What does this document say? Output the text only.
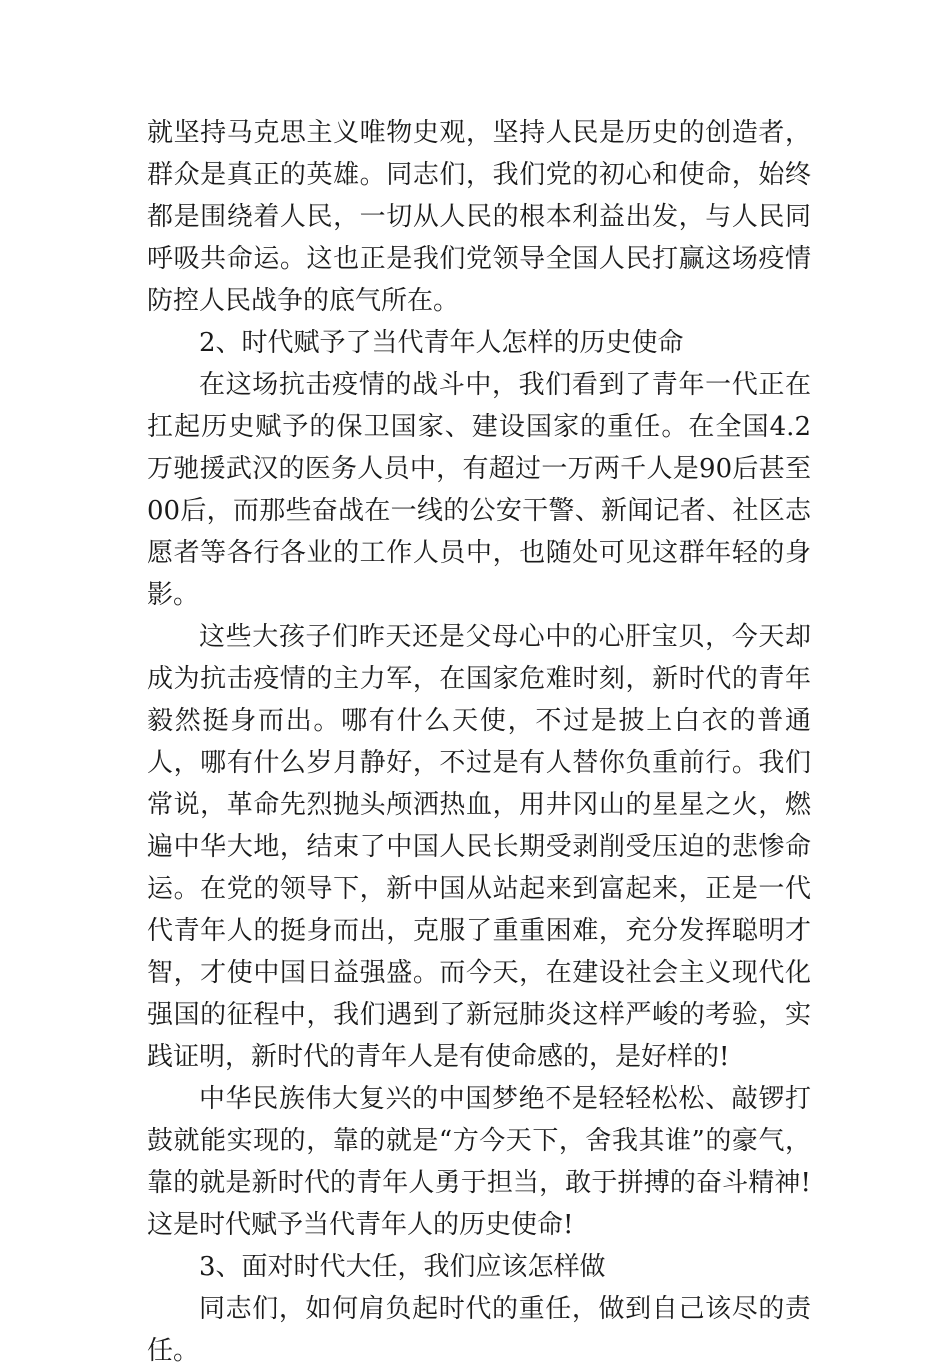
就坚持马克思主义唯物史观，坚持人民是历史的创造者，群众是真正的英雄。同志们，我们党的初心和使命，始终都是围绕着人民，一切从人民的根本利益出发，与人民同呼吸共命运。这也正是我们党领导全国人民打赢这场疫情防控人民战争的底气所在。

2、时代赋予了当代青年人怎样的历史使命

在这场抗击疫情的战斗中，我们看到了青年一代正在扛起历史赋予的保卫国家、建设国家的重任。在全国4.2万驰援武汉的医务人员中，有超过一万两千人是90后甚至00后，而那些奋战在一线的公安干警、新闻记者、社区志愿者等各行各业的工作人员中，也随处可见这群年轻的身影。

这些大孩子们昨天还是父母心中的心肝宝贝，今天却成为抗击疫情的主力军，在国家危难时刻，新时代的青年毅然挺身而出。哪有什么天使，不过是披上白衣的普通人，哪有什么岁月静好，不过是有人替你负重前行。我们常说，革命先烈抛头颅洒热血，用井冈山的星星之火，燃遍中华大地，结束了中国人民长期受剥削受压迫的悲惨命运。在党的领导下，新中国从站起来到富起来，正是一代代青年人的挺身而出，克服了重重困难，充分发挥聪明才智，才使中国日益强盛。而今天，在建设社会主义现代化强国的征程中，我们遇到了新冠肺炎这样严峻的考验，实践证明，新时代的青年人是有使命感的，是好样的!

中华民族伟大复兴的中国梦绝不是轻轻松松、敲锣打鼓就能实现的，靠的就是“方今天下，舍我其谁”的豪气，靠的就是新时代的青年人勇于担当，敢于拼搏的奋斗精神!这是时代赋予当代青年人的历史使命!

3、面对时代大任，我们应该怎样做

同志们，如何肩负起时代的重任，做到自己该尽的责任。
